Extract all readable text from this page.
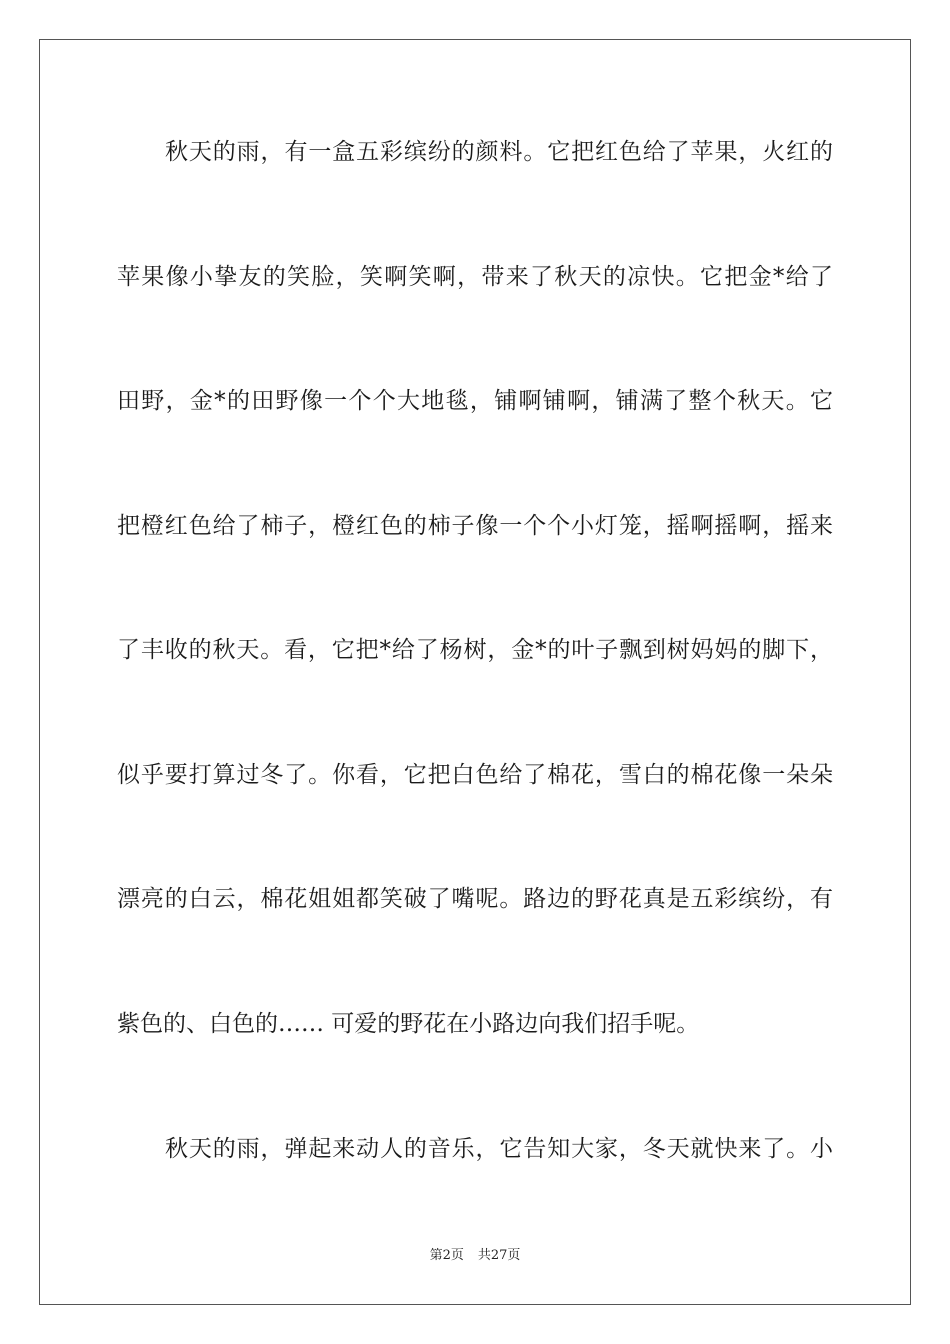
秋天的雨，有一盒五彩缤纷的颜料。它把红色给了苹果，火红的
苹果像小挚友的笑脸，笑啊笑啊，带来了秋天的凉快。它把金*给了
田野，金*的田野像一个个大地毯，铺啊铺啊，铺满了整个秋天。它
把橙红色给了柿子，橙红色的柿子像一个个小灯笼，摇啊摇啊，摇来
了丰收的秋天。看，它把*给了杨树，金*的叶子飘到树妈妈的脚下，
似乎要打算过冬了。你看，它把白色给了棉花，雪白的棉花像一朵朵
漂亮的白云，棉花姐姐都笑破了嘴呢。路边的野花真是五彩缤纷，有
紫色的、白色的…… 可爱的野花在小路边向我们招手呢。
秋天的雨，弹起来动人的音乐，它告知大家，冬天就快来了。小
第2页 共27页
